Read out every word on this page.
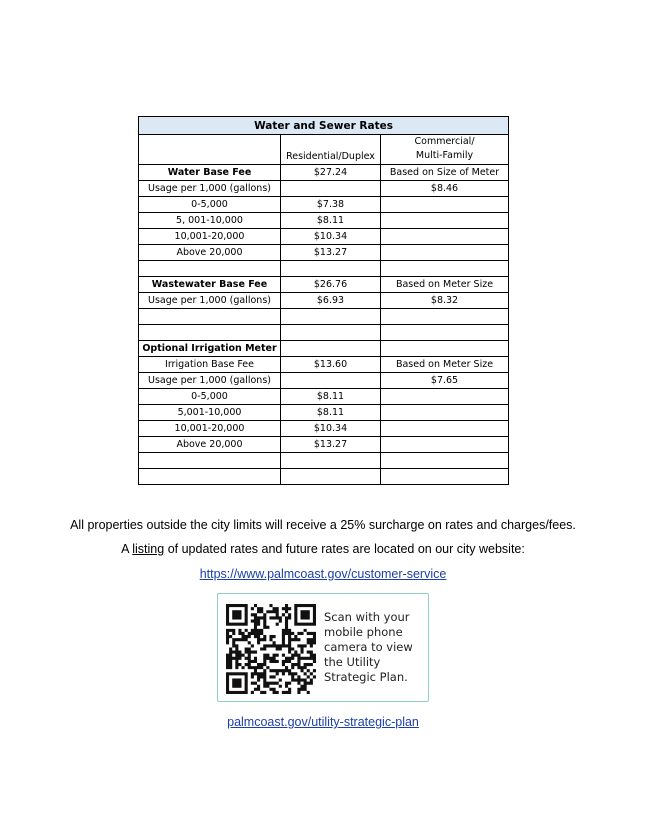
Water and Sewer Rates		
	Residential/Duplex	Commercial/
Multi-Family
Water Base Fee	$27.24	Based on Size of Meter
Usage per 1,000 (gallons)		$8.46
0-5,000	$7.38	
5, 001-10,000	$8.11	
10,001-20,000	$10.34	
Above 20,000	$13.27	

Wastewater Base Fee	$26.76	Based on Meter Size
Usage per 1,000 (gallons)	$6.93	$8.32

Optional Irrigation Meter		
Irrigation Base Fee	$13.60	Based on Meter Size
Usage per 1,000 (gallons)		$7.65
0-5,000	$8.11	
5,001-10,000	$8.11	
10,001-20,000	$10.34	
Above 20,000	$13.27	

All properties outside the city limits will receive a 25% surcharge on rates and charges/fees.
A listing of updated rates and future rates are located on our city website:
https://www.palmcoast.gov/customer-service
Scan with your
mobile phone
camera to view
the Utility
Strategic Plan.
palmcoast.gov/utility-strategic-plan
